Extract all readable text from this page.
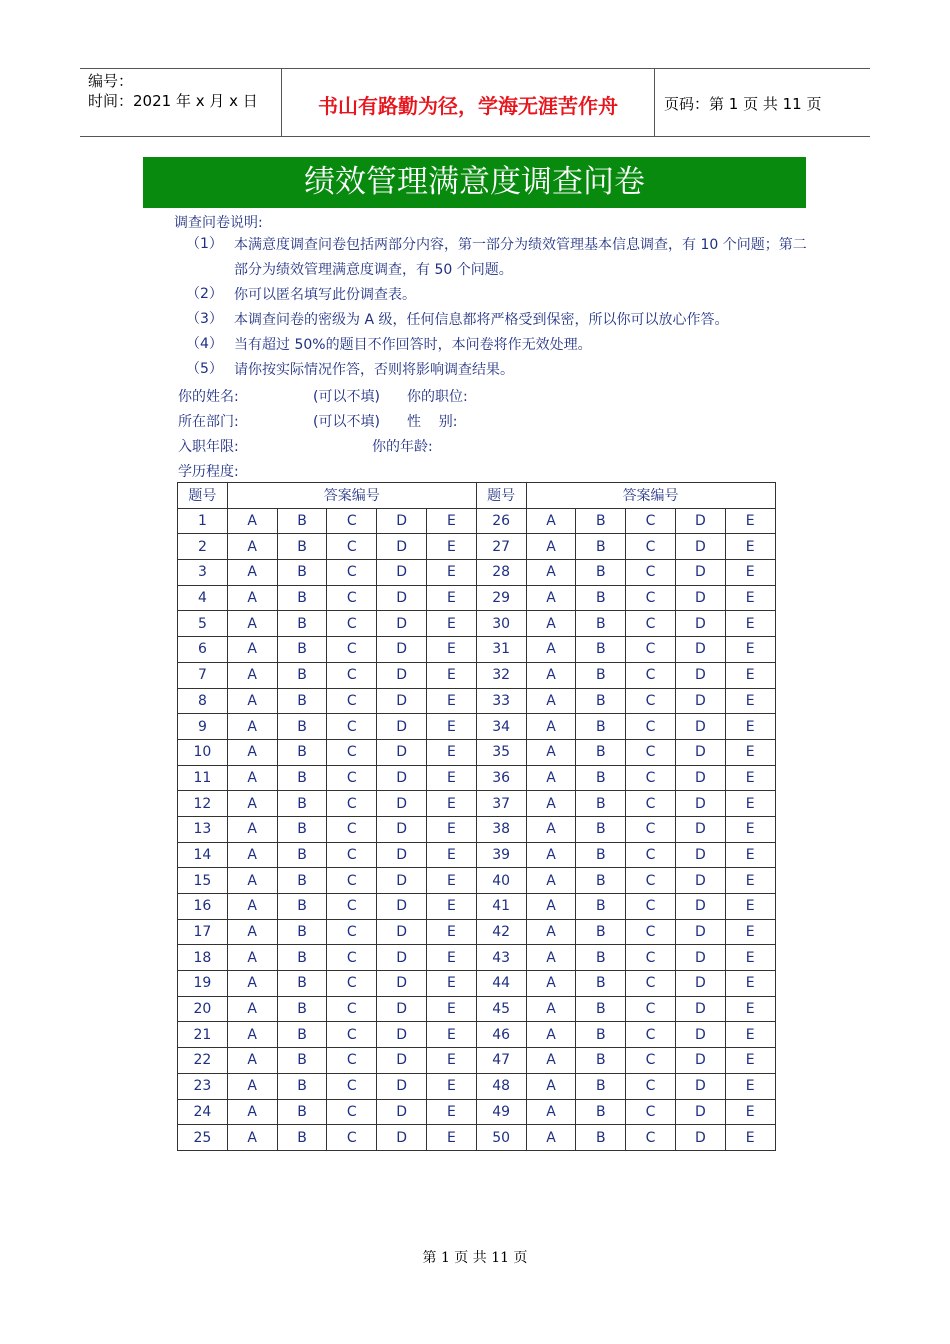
编号：
时间：2021 年 x 月 x 日	书山有路勤为径，学海无涯苦作舟	页码：第 1 页 共 11 页
绩效管理满意度调查问卷
调查问卷说明:
（1） 本满意度调查问卷包括两部分内容，第一部分为绩效管理基本信息调查，有 10 个问题；第二部分为绩效管理满意度调查，有 50 个问题。
（2） 你可以匿名填写此份调查表。
（3） 本调查问卷的密级为 A 级，任何信息都将严格受到保密，所以你可以放心作答。
（4） 当有超过 50%的题目不作回答时，本问卷将作无效处理。
（5） 请你按实际情况作答，否则将影响调查结果。
你的姓名:	(可以不填) 你的职位:
所在部门:	(可以不填) 性    别:
入职年限:	你的年龄:
学历程度:
题号	答案编号					题号	答案编号				
1	A	B	C	D	E	26	A	B	C	D	E
2	A	B	C	D	E	27	A	B	C	D	E
3	A	B	C	D	E	28	A	B	C	D	E
4	A	B	C	D	E	29	A	B	C	D	E
5	A	B	C	D	E	30	A	B	C	D	E
6	A	B	C	D	E	31	A	B	C	D	E
7	A	B	C	D	E	32	A	B	C	D	E
8	A	B	C	D	E	33	A	B	C	D	E
9	A	B	C	D	E	34	A	B	C	D	E
10	A	B	C	D	E	35	A	B	C	D	E
11	A	B	C	D	E	36	A	B	C	D	E
12	A	B	C	D	E	37	A	B	C	D	E
13	A	B	C	D	E	38	A	B	C	D	E
14	A	B	C	D	E	39	A	B	C	D	E
15	A	B	C	D	E	40	A	B	C	D	E
16	A	B	C	D	E	41	A	B	C	D	E
17	A	B	C	D	E	42	A	B	C	D	E
18	A	B	C	D	E	43	A	B	C	D	E
19	A	B	C	D	E	44	A	B	C	D	E
20	A	B	C	D	E	45	A	B	C	D	E
21	A	B	C	D	E	46	A	B	C	D	E
22	A	B	C	D	E	47	A	B	C	D	E
23	A	B	C	D	E	48	A	B	C	D	E
24	A	B	C	D	E	49	A	B	C	D	E
25	A	B	C	D	E	50	A	B	C	D	E
第 1 页 共 11 页
